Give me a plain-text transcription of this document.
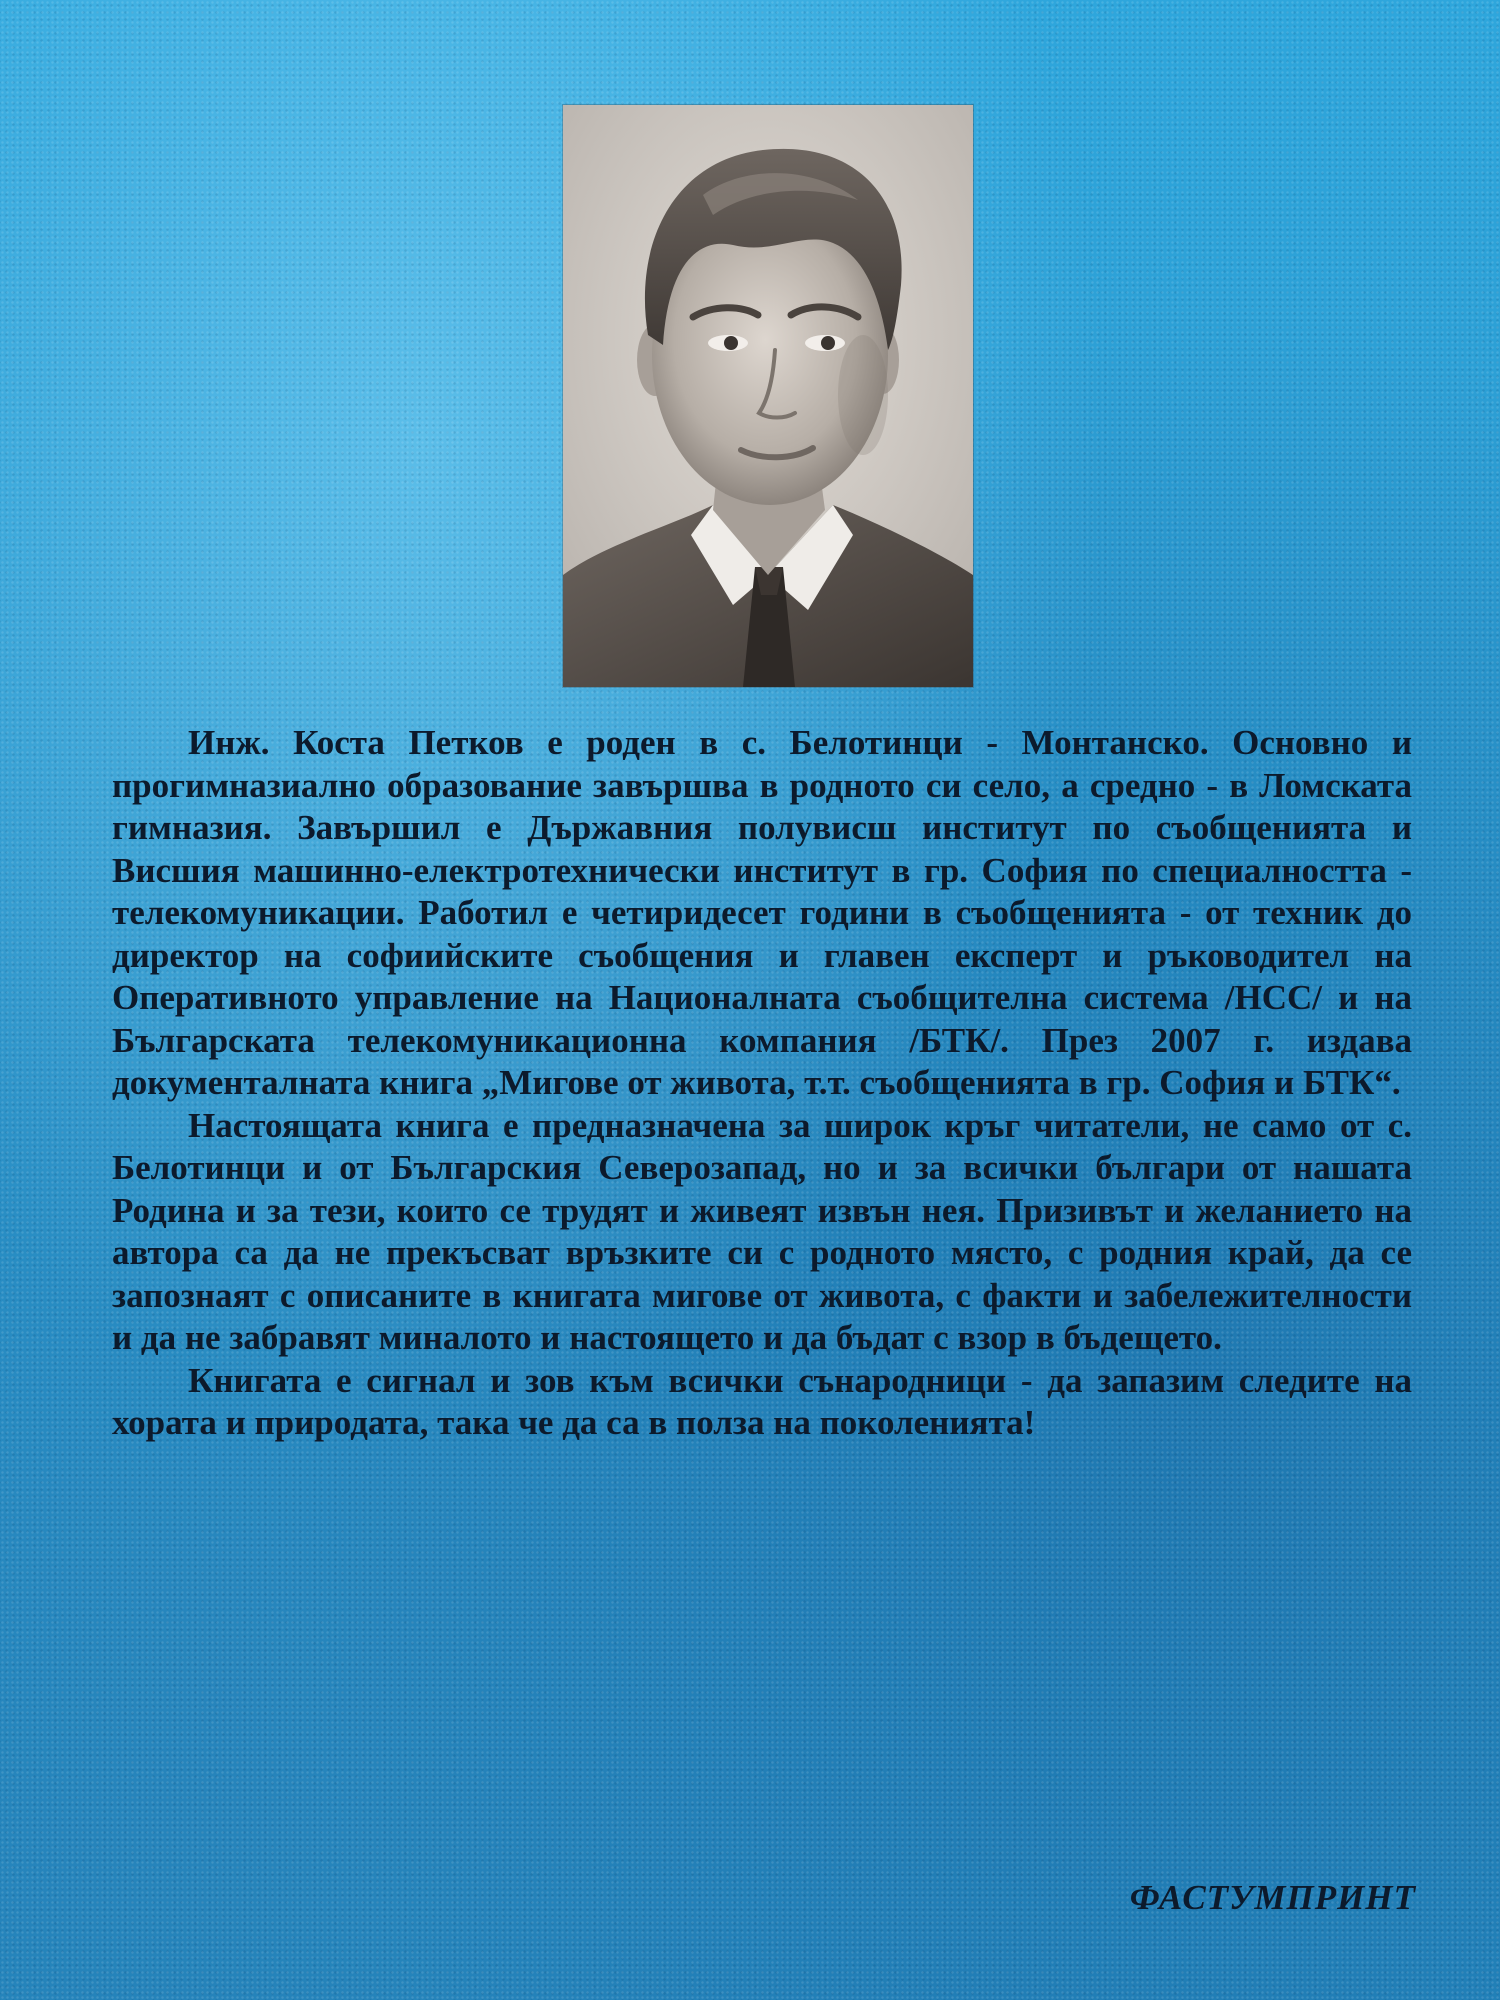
Инж. Коста Петков е роден в с. Белотинци - Монтанско. Основно и прогимназиално образование завършва в родното си село, а средно - в Ломската гимназия. Завършил е Държавния полувисш институт по съобщенията и Висшия машинно-електротехнически институт в гр. София по специалността - телекомуникации. Работил е четиридесет години в съобщенията - от техник до директор на софиийските съобщения и главен експерт и ръководител на Оперативното управление на Националната съобщителна система /НСС/ и на Българската телекомуникационна компания /БТК/. През 2007 г. издава документалната книга „Мигове от живота, т.т. съобщенията в гр. София и БТК“.

Настоящата книга е предназначена за широк кръг читатели, не само от с. Белотинци и от Българския Северозапад, но и за всички българи от нашата Родина и за тези, които се трудят и живеят извън нея. Призивът и желанието на автора са да не прекъсват връзките си с родното място, с родния край, да се запознаят с описаните в книгата мигове от живота, с факти и забележителности и да не забравят миналото и настоящето и да бъдат с взор в бъдещето.

Книгата е сигнал и зов към всички сънародници - да запазим следите на хората и природата, така че да са в полза на поколенията!

ФАСТУМПРИНТ
